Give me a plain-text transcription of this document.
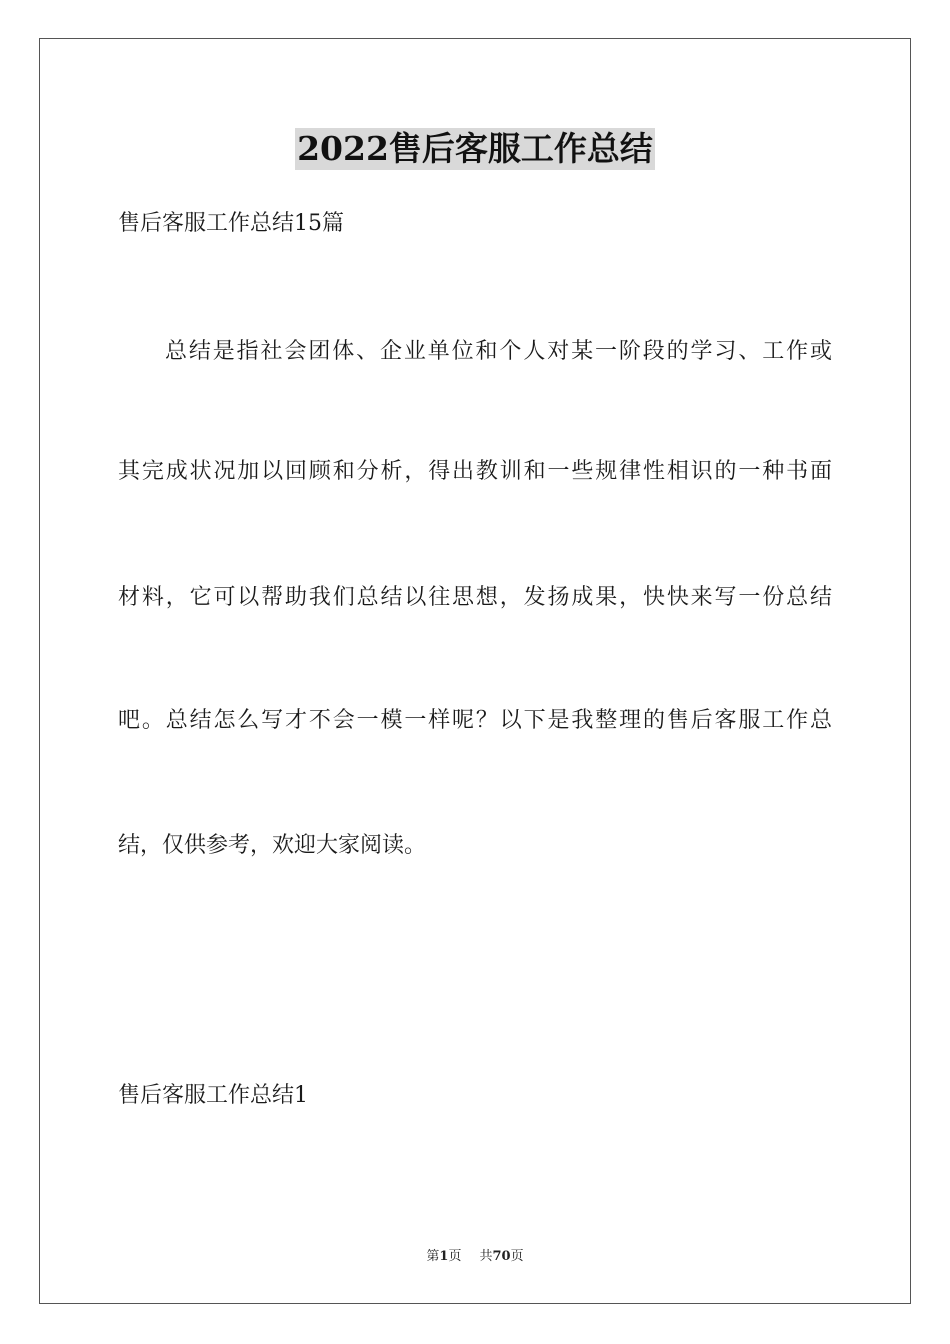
2022售后客服工作总结
售后客服工作总结15篇
总结是指社会团体、企业单位和个人对某一阶段的学习、工作或
其完成状况加以回顾和分析，得出教训和一些规律性相识的一种书面
材料，它可以帮助我们总结以往思想，发扬成果，快快来写一份总结
吧。总结怎么写才不会一模一样呢？以下是我整理的售后客服工作总
结，仅供参考，欢迎大家阅读。
售后客服工作总结1
第1页 共70页
